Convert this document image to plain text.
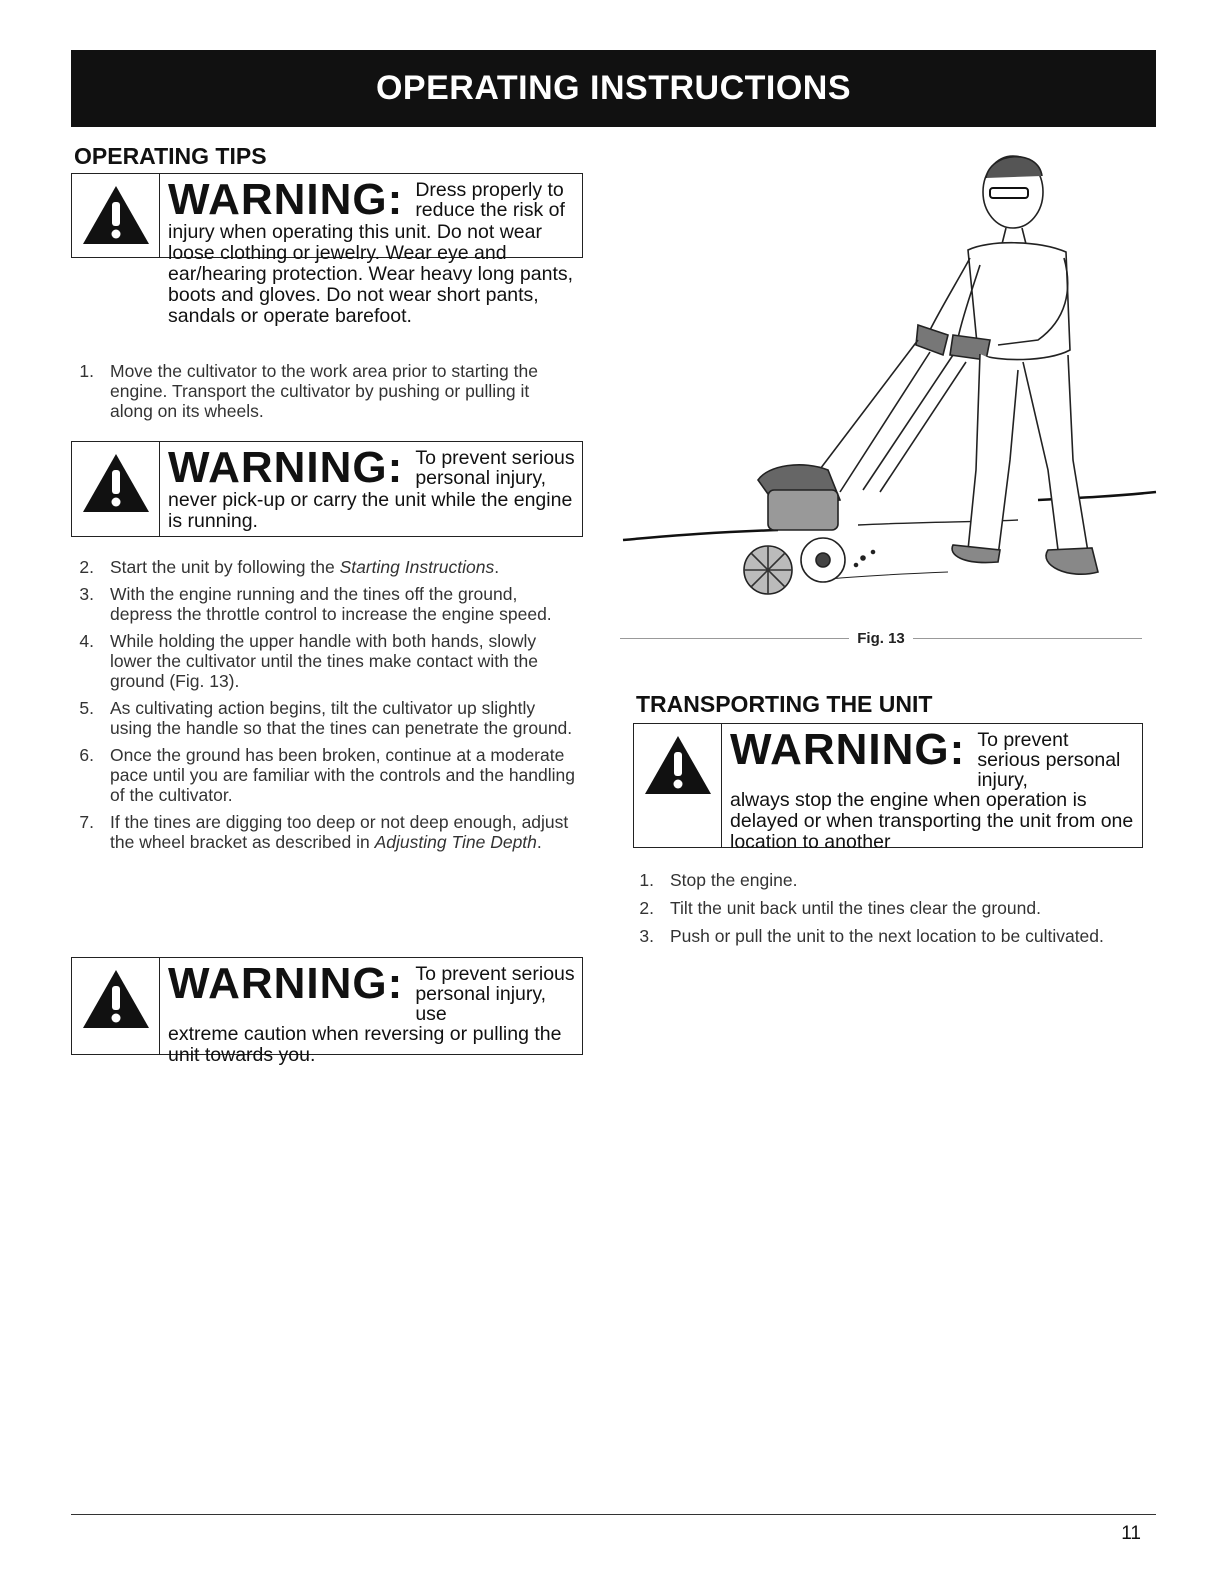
OPERATING INSTRUCTIONS
OPERATING TIPS
WARNING: Dress properly to reduce the risk of
injury when operating this unit. Do not wear loose clothing or jewelry. Wear eye and ear/hearing protection. Wear heavy long pants, boots and gloves. Do not wear short pants, sandals or operate barefoot.
1. Move the cultivator to the work area prior to starting the engine. Transport the cultivator by pushing or pulling it along on its wheels.
WARNING: To prevent serious personal injury,
never pick-up or carry the unit while the engine is running.
2. Start the unit by following the Starting Instructions.
3. With the engine running and the tines off the ground, depress the throttle control to increase the engine speed.
4. While holding the upper handle with both hands, slowly lower the cultivator until the tines make contact with the ground (Fig. 13).
5. As cultivating action begins, tilt the cultivator up slightly using the handle so that the tines can penetrate the ground.
6. Once the ground has been broken, continue at a moderate pace until you are familiar with the controls and the handling of the cultivator.
7. If the tines are digging too deep or not deep enough, adjust the wheel bracket as described in Adjusting Tine Depth.
WARNING: To prevent serious personal injury, use
extreme caution when reversing or pulling the unit towards you.
Fig. 13
TRANSPORTING THE UNIT
WARNING: To prevent serious personal injury,
always stop the engine when operation is delayed or when transporting the unit from one location to another
1. Stop the engine.
2. Tilt the unit back until the tines clear the ground.
3. Push or pull the unit to the next location to be cultivated.
11
